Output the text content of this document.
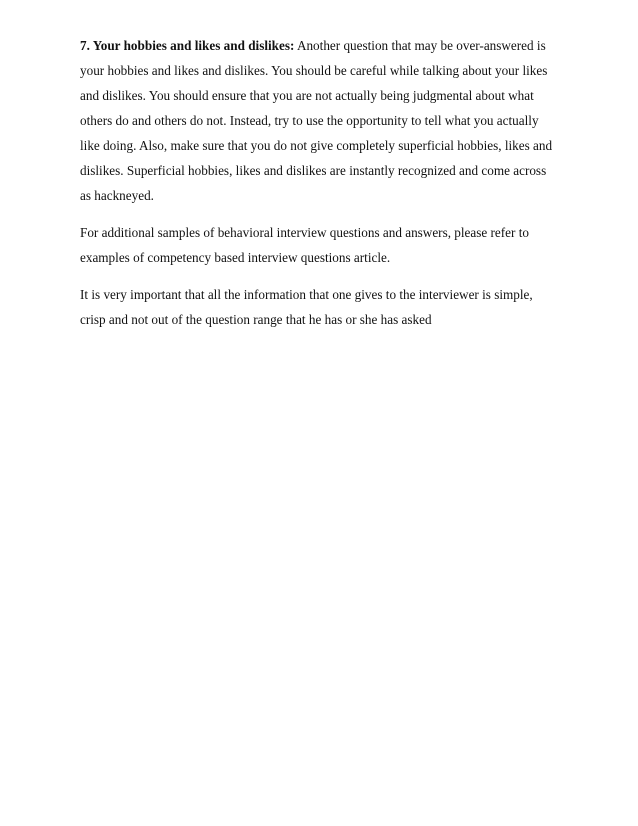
7. Your hobbies and likes and dislikes: Another question that may be over-answered is
your hobbies and likes and dislikes. You should be careful while talking about your likes
and dislikes. You should ensure that you are not actually being judgmental about what
others do and others do not. Instead, try to use the opportunity to tell what you actually
like doing. Also, make sure that you do not give completely superficial hobbies, likes and
dislikes. Superficial hobbies, likes and dislikes are instantly recognized and come across
as hackneyed.

For additional samples of behavioral interview questions and answers, please refer to
examples of competency based interview questions article.

It is very important that all the information that one gives to the interviewer is simple,
crisp and not out of the question range that he has or she has asked
